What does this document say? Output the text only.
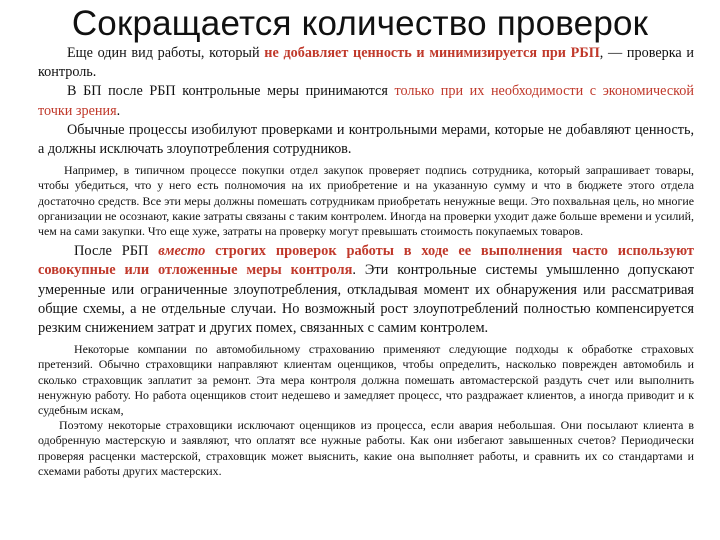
Сокращается количество проверок

Еще один вид работы, который не добавляет ценность и минимизируется при РБП, — проверка и контроль.

В БП после РБП контрольные меры принимаются только при их необходимости с экономической точки зрения.

Обычные процессы изобилуют проверками и контрольными мерами, которые не добавляют ценность, а должны исключать злоупотребления сотрудников.

Например, в типичном процессе покупки отдел закупок проверяет подпись сотрудника, который запрашивает товары, чтобы убедиться, что у него есть полномочия на их приобретение и на указанную сумму и что в бюджете этого отдела достаточно средств. Все эти меры должны помешать сотрудникам приобретать ненужные вещи. Это похвальная цель, но многие организации не осознают, какие затраты связаны с таким контролем. Иногда на проверки уходит даже больше времени и усилий, чем на сами закупки. Что еще хуже, затраты на проверку могут превышать стоимость покупаемых товаров.

После РБП вместо строгих проверок работы в ходе ее выполнения часто используют совокупные или отложенные меры контроля. Эти контрольные системы умышленно допускают умеренные или ограниченные злоупотребления, откладывая момент их обнаружения или рассматривая общие схемы, а не отдельные случаи. Но возможный рост злоупотреблений полностью компенсируется резким снижением затрат и других помех, связанных с самим контролем.

Некоторые компании по автомобильному страхованию применяют следующие подходы к обработке страховых претензий. Обычно страховщики направляют клиентам оценщиков, чтобы определить, насколько поврежден автомобиль и сколько страховщик заплатит за ремонт. Эта мера контроля должна помешать автомастерской раздуть счет или выполнить ненужную работу. Но работа оценщиков стоит недешево и замедляет процесс, что раздражает клиентов, а иногда приводит и к судебным искам,

Поэтому некоторые страховщики исключают оценщиков из процесса, если авария небольшая. Они посылают клиента в одобренную мастерскую и заявляют, что оплатят все нужные работы. Как они избегают завышенных счетов? Периодически проверяя расценки мастерской, страховщик может выяснить, какие она выполняет работы, и сравнить их со стандартами и схемами работы других мастерских.
